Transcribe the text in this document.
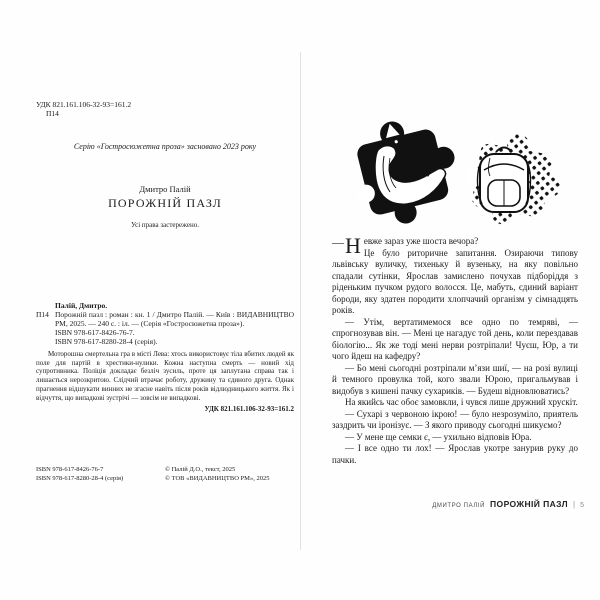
УДК 821.161.106-32-93=161.2
П14
Серію «Гостросюжетна проза» засновано 2023 року
Дмитро Палій
ПОРОЖНІЙ ПАЗЛ
Усі права застережено.
Палій, Дмитро.
П14 Порожній пазл : роман : кн. 1 / Дмитро Палій. — Київ : ВИДАВНИЦТВО РМ, 2025. — 240 с. : іл. — (Серія «Гостросюжетна проза»).
ISBN 978-617-8426-76-7.
ISBN 978-617-8280-28-4 (серія).
Моторошна смертельна гра в місті Лева: хтось використовує тіла вбитих людей як поле для партій в хрестики-нулики. Кожна наступна смерть — новий хід супротивника. Поліція докладає безліч зусиль, проте ця заплутана справа так і лишається нерозкритою. Слідчий втрачає роботу, дружину та єдиного друга. Однак прагнення відшукати винних не згасне навіть після років відлюдницького життя. Як і відчуття, що випадкові зустрічі — зовсім не випадкові.
УДК 821.161.106-32-93=161.2
ISBN 978-617-8426-76-7
ISBN 978-617-8280-28-4 (серія)
© Палій Д.О., текст, 2025
© ТОВ «ВИДАВНИЦТВО РМ», 2025

—Н евже зараз уже шоста вечора?
Це було риторичне запитання. Озираючи типову львівську вуличку, тихеньку й вузеньку, на яку повільно спадали сутінки, Ярослав замислено почухав підборіддя з ріденьким пучком рудого волосся. Це, мабуть, єдиний варіант бороди, яку здатен породити хлопчачий організм у сімнадцять років.

— Утім, вертатимемося все одно по темряві, — спрогнозував він. — Мені це нагадує той день, коли перездавав біологію... Як же тоді мені нерви розтріпали! Чуєш, Юр, а ти чого йдеш на кафедру?

— Бо мені сьогодні розтріпали м’язи шиї, — на розі вулиці й темного провулка той, кого звали Юрою, пригальмував і видобув з кишені пачку сухариків. — Будеш відновлюватись?

На якийсь час обоє замовкли, і чувся лише дружний хрускіт.

— Сухарі з червоною ікрою! — було незрозуміло, приятель заздрить чи іронізує. — З якого приводу сьогодні шикуємо?

— У мене ще семки є, — ухильно відповів Юра.

— І все одно ти лох! — Ярослав укотре занурив руку до пачки.

ДМИТРО ПАЛІЙ ПОРОЖНІЙ ПАЗЛ | 5
